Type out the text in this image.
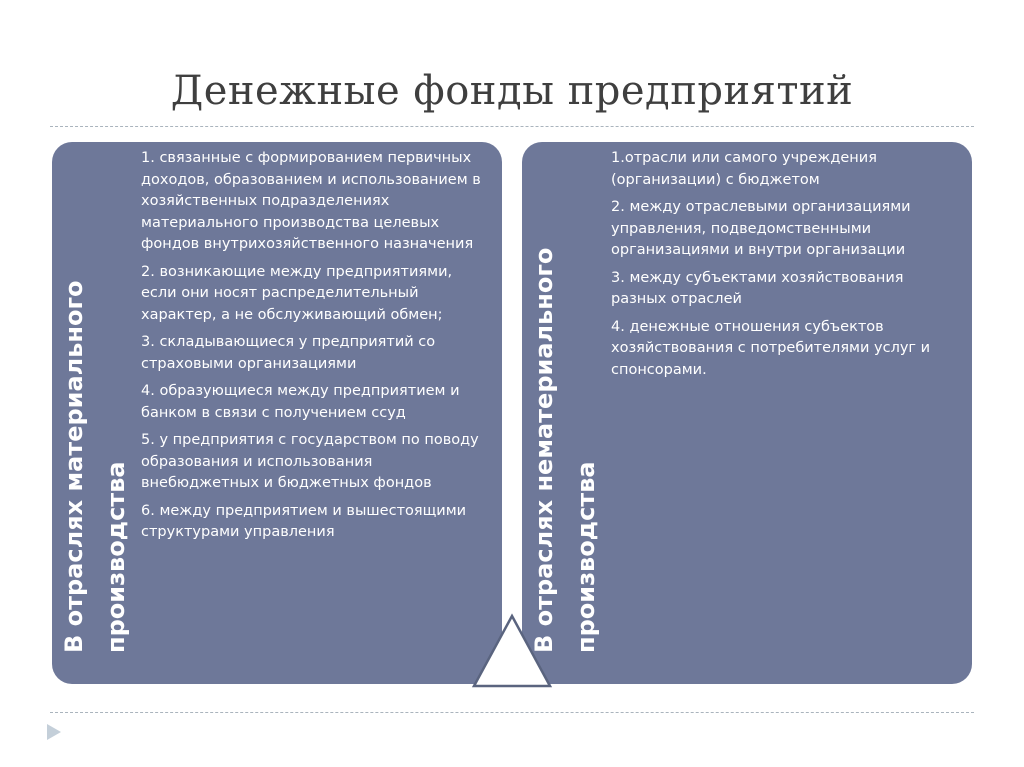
Денежные фонды предприятий
В отраслях материального производства
1. связанные с формированием первичных доходов, образованием и использованием в хозяйственных подразделениях материального производства целевых фондов внутрихозяйственного назначения
2. возникающие между предприятиями, если они носят распределительный характер, а не обслуживающий обмен;
3. складывающиеся у предприятий со страховыми организациями
4. образующиеся между предприятием и банком в связи с получением ссуд
5. у предприятия с государством по поводу образования и использования внебюджетных и бюджетных фондов
6. между предприятием и вышестоящими структурами управления	В отраслях нематериального производства
1.отрасли или самого учреждения (организации) с бюджетом
2. между отраслевыми организациями управления, подведомственными организациями и внутри организации
3. между субъектами хозяйствования разных отраслей
4. денежные отношения субъектов хозяйствования с потребителями услуг и спонсорами.
